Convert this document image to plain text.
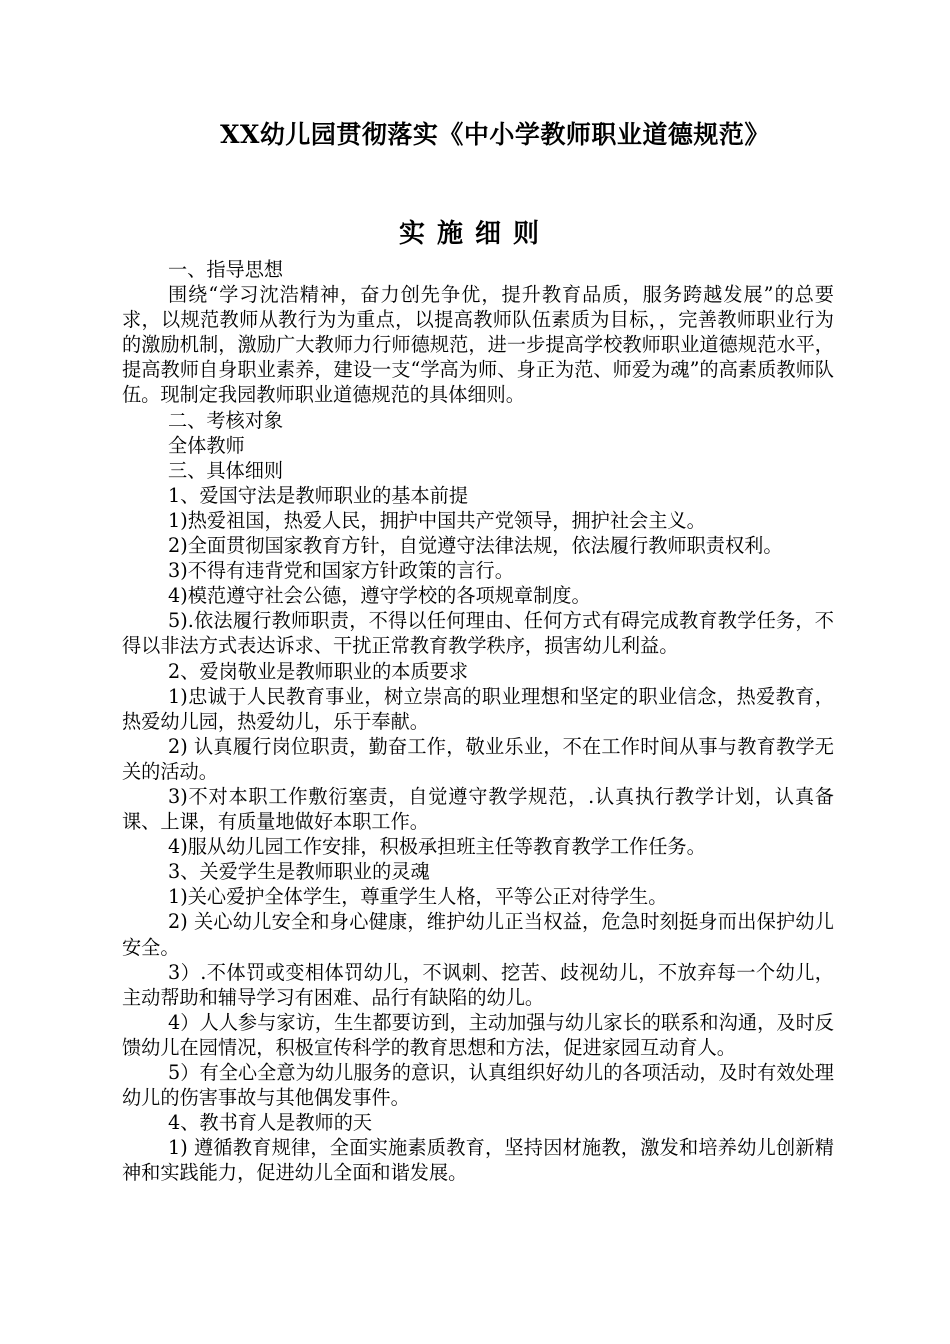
XX幼儿园贯彻落实《中小学教师职业道德规范》
实施细则

一、指导思想

围绕“学习沈浩精神，奋力创先争优，提升教育品质，服务跨越发展”的总要求，以规范教师从教行为为重点，以提高教师队伍素质为目标，，完善教师职业行为的激励机制，激励广大教师力行师德规范，进一步提高学校教师职业道德规范水平，提高教师自身职业素养，建设一支“学高为师、身正为范、师爱为魂”的高素质教师队伍。现制定我园教师职业道德规范的具体细则。

二、考核对象

全体教师

三、具体细则

1、爱国守法是教师职业的基本前提

1)热爱祖国，热爱人民，拥护中国共产党领导，拥护社会主义。

2)全面贯彻国家教育方针，自觉遵守法律法规，依法履行教师职责权利。

3)不得有违背党和国家方针政策的言行。

4)模范遵守社会公德，遵守学校的各项规章制度。

5).依法履行教师职责，不得以任何理由、任何方式有碍完成教育教学任务，不得以非法方式表达诉求、干扰正常教育教学秩序，损害幼儿利益。

2、爱岗敬业是教师职业的本质要求

1)忠诚于人民教育事业，树立崇高的职业理想和坚定的职业信念，热爱教育，热爱幼儿园，热爱幼儿，乐于奉献。

2) 认真履行岗位职责，勤奋工作，敬业乐业，不在工作时间从事与教育教学无关的活动。

3)不对本职工作敷衍塞责，自觉遵守教学规范，.认真执行教学计划，认真备课、上课，有质量地做好本职工作。

4)服从幼儿园工作安排，积极承担班主任等教育教学工作任务。

3、关爱学生是教师职业的灵魂

1)关心爱护全体学生，尊重学生人格，平等公正对待学生。

2) 关心幼儿安全和身心健康，维护幼儿正当权益，危急时刻挺身而出保护幼儿安全。

3）.不体罚或变相体罚幼儿，不讽刺、挖苦、歧视幼儿，不放弃每一个幼儿，主动帮助和辅导学习有困难、品行有缺陷的幼儿。

4）人人参与家访，生生都要访到，主动加强与幼儿家长的联系和沟通，及时反馈幼儿在园情况，积极宣传科学的教育思想和方法，促进家园互动育人。

5）有全心全意为幼儿服务的意识，认真组织好幼儿的各项活动，及时有效处理幼儿的伤害事故与其他偶发事件。

4、教书育人是教师的天

1) 遵循教育规律，全面实施素质教育，坚持因材施教，激发和培养幼儿创新精神和实践能力，促进幼儿全面和谐发展。
